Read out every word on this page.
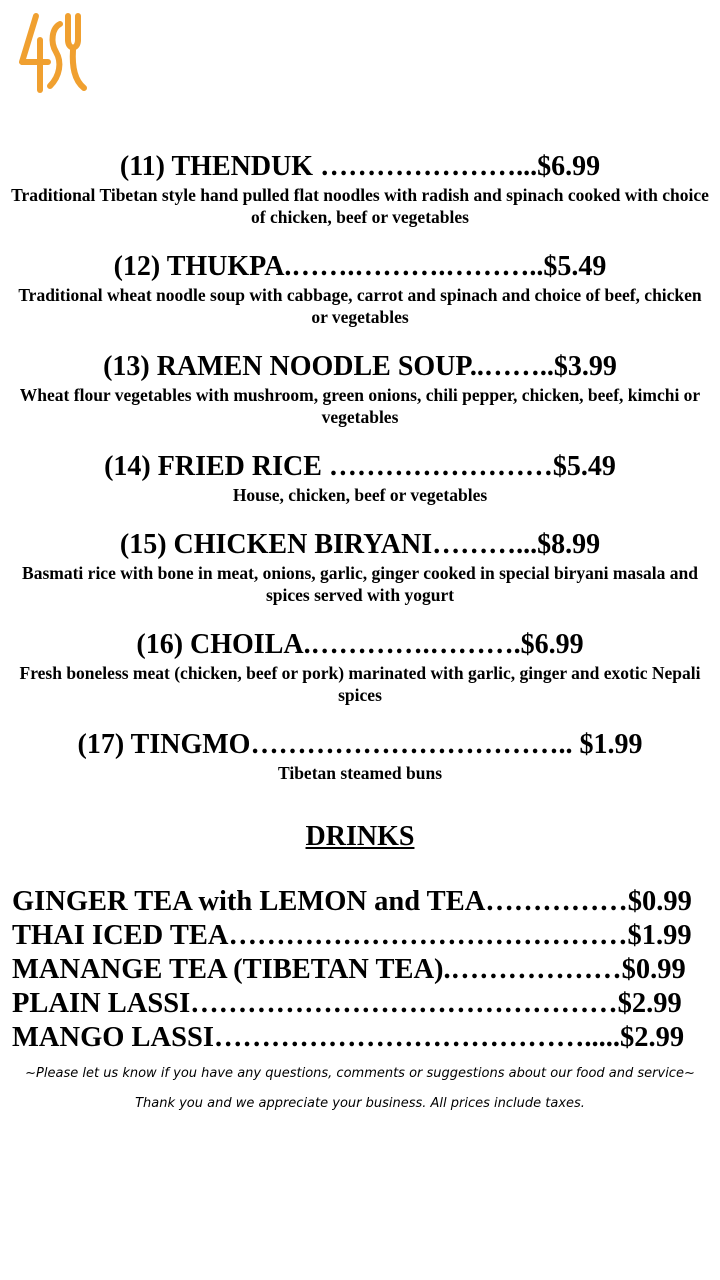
(11) THENDUK …………………...$6.99
Traditional Tibetan style hand pulled flat noodles with radish and spinach cooked with choice of chicken, beef or vegetables
(12) THUKPA.…….……….………..$5.49
Traditional wheat noodle soup with cabbage, carrot and spinach and choice of beef, chicken or vegetables
(13) RAMEN NOODLE SOUP..……..$3.99
Wheat flour vegetables with mushroom, green onions, chili pepper, chicken, beef, kimchi or vegetables
(14) FRIED RICE ……………………$5.49
House, chicken, beef or vegetables
(15) CHICKEN BIRYANI………...$8.99
Basmati rice with bone in meat, onions, garlic, ginger cooked in special biryani masala and spices served with yogurt
(16) CHOILA.………….……….$6.99
Fresh boneless meat (chicken, beef or pork) marinated with garlic, ginger and exotic Nepali spices
(17) TINGMO…………………………….. $1.99
Tibetan steamed buns
DRINKS
GINGER TEA with LEMON and TEA……………$0.99
THAI ICED TEA……………………………………$1.99
MANANGE TEA (TIBETAN TEA).………………$0.99
PLAIN LASSI………………………………………$2.99
MANGO LASSI………………………………….....$2.99
~Please let us know if you have any questions, comments or suggestions about our food and service~
Thank you and we appreciate your business. All prices include taxes.
